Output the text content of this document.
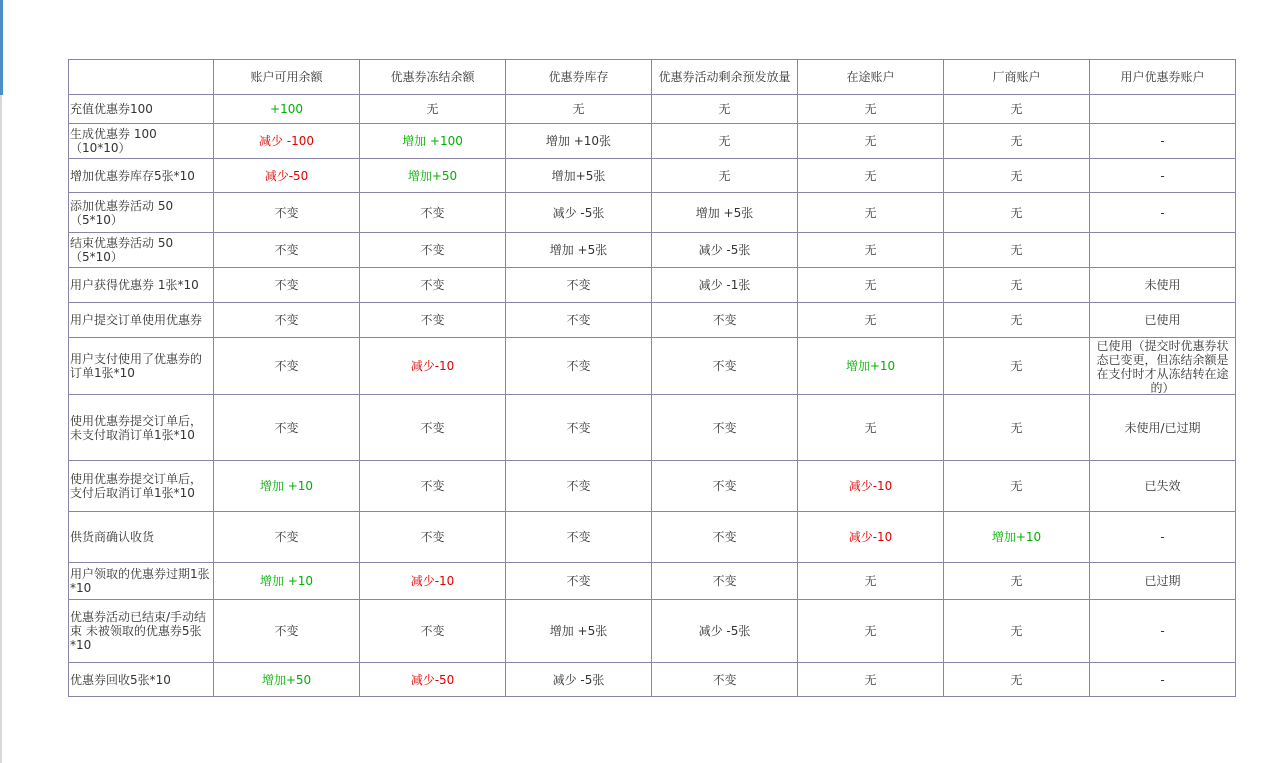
	账户可用余额	优惠券冻结余额	优惠券库存	优惠券活动剩余预发放量	在途账户	厂商账户	用户优惠券账户

充值优惠券100	+100	无	无	无	无	无	

生成优惠券 100（10*10）	减少 -100	增加 +100	增加 +10张	无	无	无	-

增加优惠券库存5张*10	减少-50	增加+50	增加+5张	无	无	无	-

添加优惠券活动 50（5*10）	不变	不变	减少 -5张	增加 +5张	无	无	-

结束优惠券活动 50（5*10）	不变	不变	增加 +5张	减少 -5张	无	无	

用户获得优惠券 1张*10	不变	不变	不变	减少 -1张	无	无	未使用

用户提交订单使用优惠券	不变	不变	不变	不变	无	无	已使用

用户支付使用了优惠券的订单1张*10	不变	减少-10	不变	不变	增加+10	无	已使用（提交时优惠券状态已变更，但冻结余额是在支付时才从冻结转在途的）

使用优惠券提交订单后，未支付取消订单1张*10	不变	不变	不变	不变	无	无	未使用/已过期

使用优惠券提交订单后，支付后取消订单1张*10	增加 +10	不变	不变	不变	减少-10	无	已失效

供货商确认收货	不变	不变	不变	不变	减少-10	增加+10	-

用户领取的优惠券过期1张*10	增加 +10	减少-10	不变	不变	无	无	已过期

优惠券活动已结束/手动结束 未被领取的优惠券5张*10	不变	不变	增加 +5张	减少 -5张	无	无	-

优惠券回收5张*10	增加+50	减少-50	减少 -5张	不变	无	无	-
